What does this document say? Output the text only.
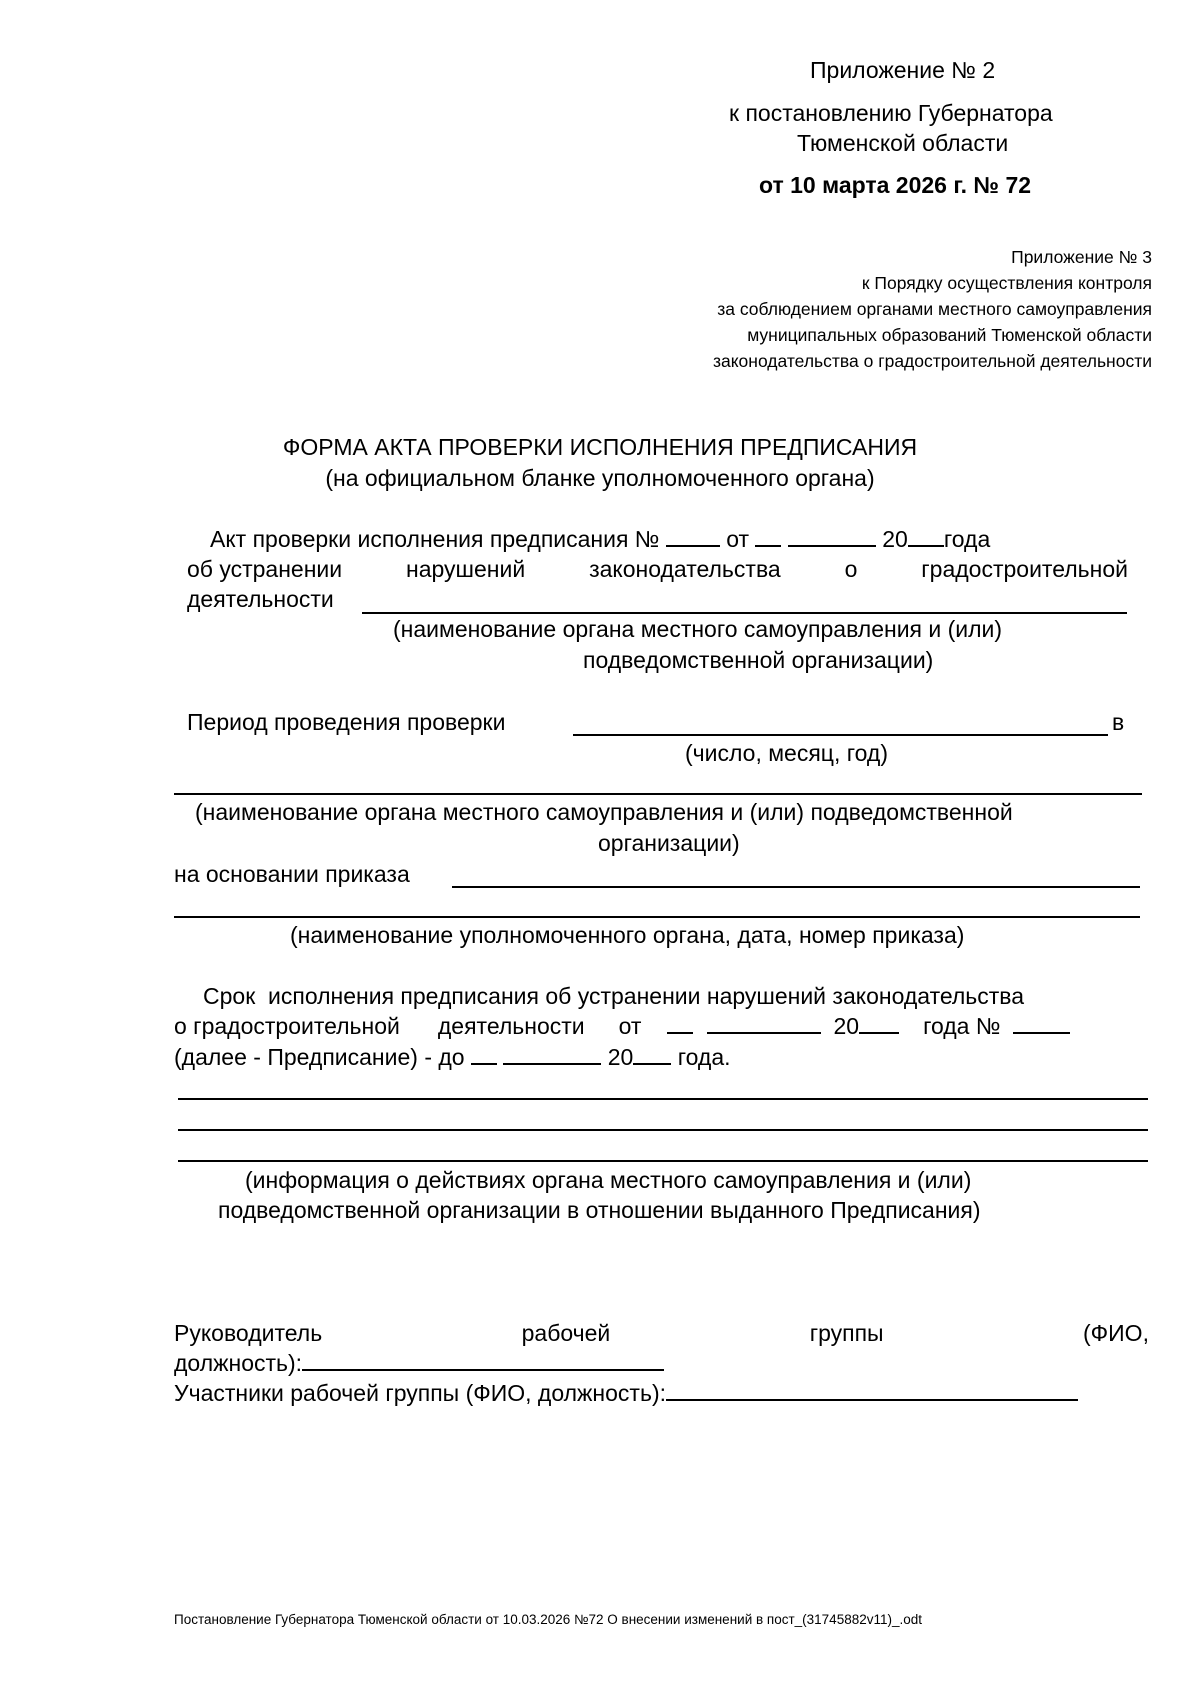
Приложение № 2
к постановлению Губернатора
Тюменской области
от 10 марта 2026 г. № 72
Приложение № 3
к Порядку осуществления контроля
за соблюдением органами местного самоуправления
муниципальных образований Тюменской области
законодательства о градостроительной деятельности
ФОРМА АКТА ПРОВЕРКИ ИСПОЛНЕНИЯ ПРЕДПИСАНИЯ
(на официальном бланке уполномоченного органа)
Акт проверки исполнения предписания №	от	20 года
об устранении	нарушений	законодательства	о	градостроительной
деятельности
(наименование органа местного самоуправления и (или)
подведомственной организации)
Период проведения проверки	в
(число, месяц, год)
(наименование органа местного самоуправления и (или) подведомственной
организации)
на основании приказа
(наименование уполномоченного органа, дата, номер приказа)
Срок  исполнения предписания об устранении нарушений законодательства
о градостроительной деятельности от	20	года №
(далее - Предписание) - до	20 года.
(информация о действиях органа местного самоуправления и (или)
подведомственной организации в отношении выданного Предписания)
Руководитель	рабочей	группы	(ФИО,
должность):
Участники рабочей группы (ФИО, должность):
Постановление Губернатора Тюменской области от 10.03.2026 №72 О внесении изменений в пост_(31745882v11)_.odt
